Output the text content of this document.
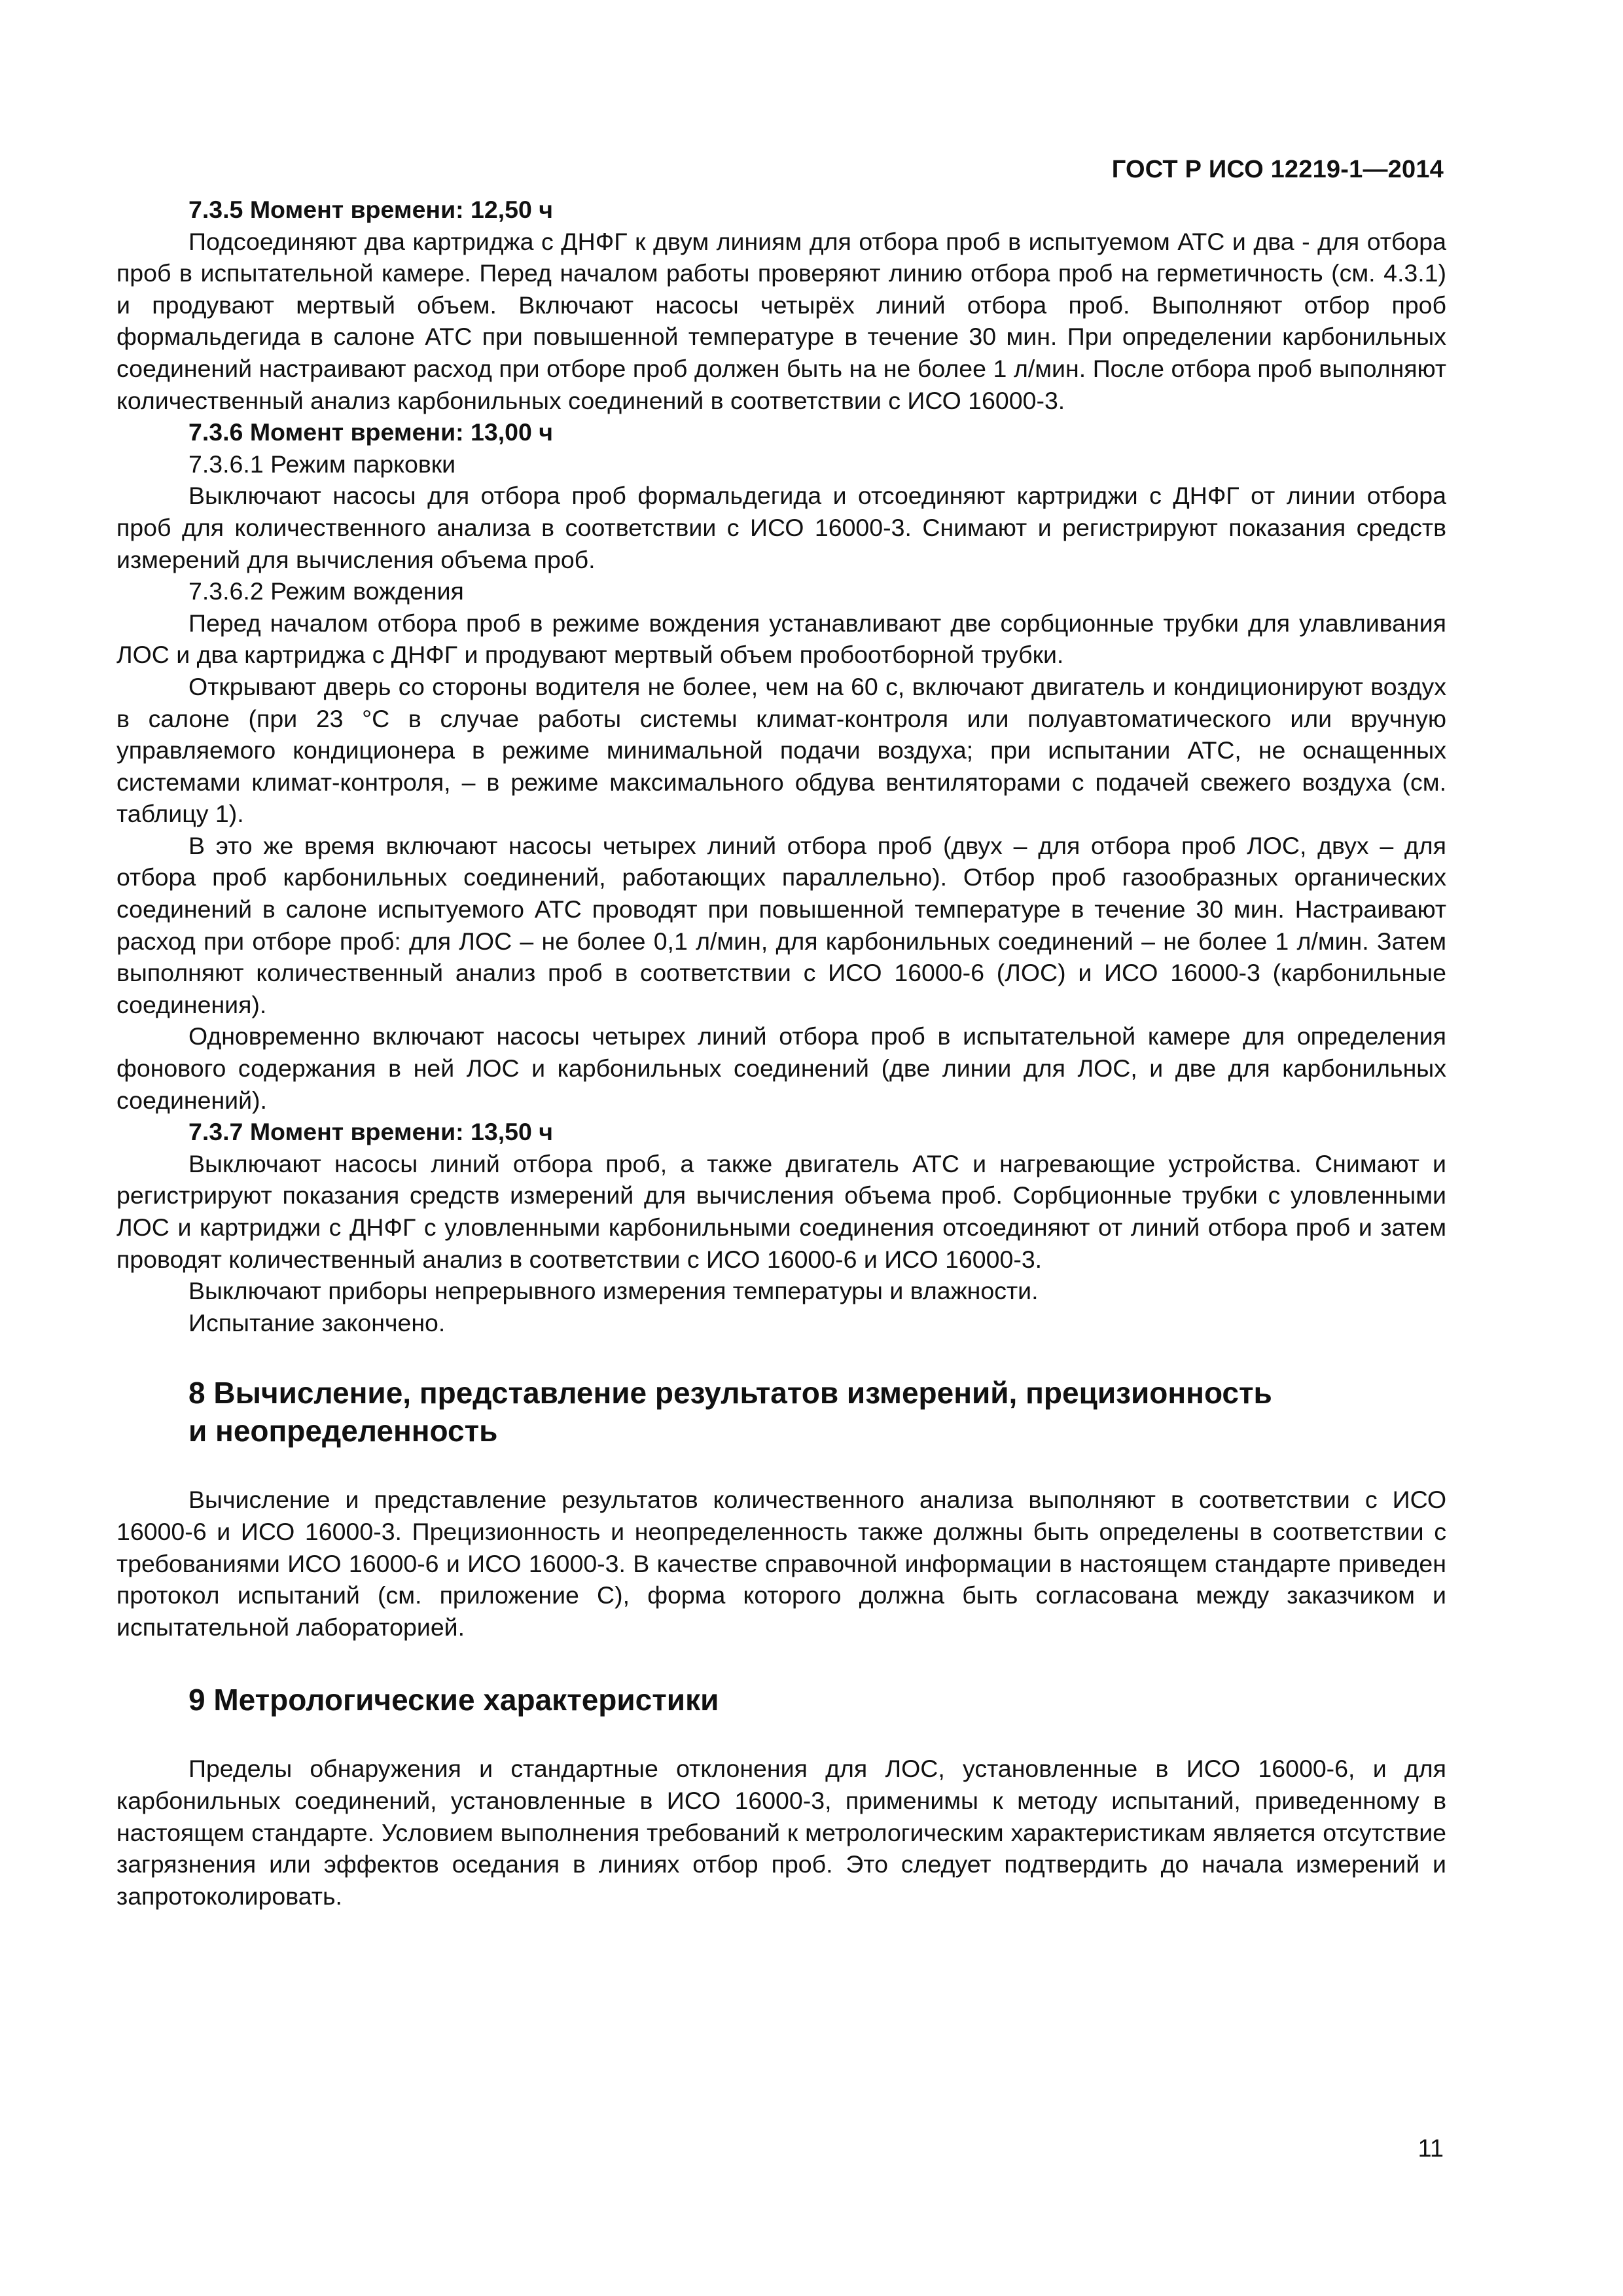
ГОСТ Р ИСО 12219-1—2014

7.3.5 Момент времени: 12,50 ч

Подсоединяют два картриджа с ДНФГ к двум линиям для отбора проб в испытуемом АТС и два - для отбора проб в испытательной камере. Перед началом работы проверяют линию отбора проб на герметичность (см. 4.3.1) и продувают мертвый объем. Включают насосы четырёх линий отбора проб. Выполняют отбор проб формальдегида в салоне АТС при повышенной температуре в течение 30 мин. При определении карбонильных соединений настраивают расход при отборе проб должен быть на не более 1 л/мин. После отбора проб выполняют количественный анализ карбонильных соединений в соответствии с ИСО 16000-3.

7.3.6 Момент времени: 13,00 ч

7.3.6.1 Режим парковки

Выключают насосы для отбора проб формальдегида и отсоединяют картриджи с ДНФГ от линии отбора проб для количественного анализа в соответствии с ИСО 16000-3. Снимают и регистрируют показания средств измерений для вычисления объема проб.

7.3.6.2 Режим вождения

Перед началом отбора проб в режиме вождения устанавливают две сорбционные трубки для улавливания ЛОС и два картриджа с ДНФГ и продувают мертвый объем пробоотборной трубки.

Открывают дверь со стороны водителя не более, чем на 60 с, включают двигатель и кондиционируют воздух в салоне (при 23 °С в случае работы системы климат-контроля или полуавтоматического или вручную управляемого кондиционера в режиме минимальной подачи воздуха; при испытании АТС, не оснащенных системами климат-контроля, – в режиме максимального обдува вентиляторами с подачей свежего воздуха (см. таблицу 1).

В это же время включают насосы четырех линий отбора проб (двух – для отбора проб ЛОС, двух – для отбора проб карбонильных соединений, работающих параллельно). Отбор проб газообразных органических соединений в салоне испытуемого АТС проводят при повышенной температуре в течение 30 мин. Настраивают расход при отборе проб: для ЛОС – не более 0,1 л/мин, для карбонильных соединений – не более 1 л/мин. Затем выполняют количественный анализ проб в соответствии с ИСО 16000-6 (ЛОС) и ИСО 16000-3 (карбонильные соединения).

Одновременно включают насосы четырех линий отбора проб в испытательной камере для определения фонового содержания в ней ЛОС и карбонильных соединений (две линии для ЛОС, и две для карбонильных соединений).

7.3.7 Момент времени: 13,50 ч

Выключают насосы линий отбора проб, а также двигатель АТС и нагревающие устройства. Снимают и регистрируют показания средств измерений для вычисления объема проб. Сорбционные трубки с уловленными ЛОС и картриджи с ДНФГ с уловленными карбонильными соединения отсоединяют от линий отбора проб и затем проводят количественный анализ в соответствии с ИСО 16000-6 и ИСО 16000-3.

Выключают приборы непрерывного измерения температуры и влажности.

Испытание закончено.

8 Вычисление, представление результатов измерений, прецизионность
и неопределенность

Вычисление и представление результатов количественного анализа выполняют в соответствии с ИСО 16000-6 и ИСО 16000-3. Прецизионность и неопределенность также должны быть определены в соответствии с требованиями ИСО 16000-6 и ИСО 16000-3. В качестве справочной информации в настоящем стандарте приведен протокол испытаний (см. приложение С), форма которого должна быть согласована между заказчиком и испытательной лабораторией.

9 Метрологические характеристики

Пределы обнаружения и стандартные отклонения для ЛОС, установленные в ИСО 16000-6, и для карбонильных соединений, установленные в ИСО 16000-3, применимы к методу испытаний, приведенному в настоящем стандарте. Условием выполнения требований к метрологическим характеристикам является отсутствие загрязнения или эффектов оседания в линиях отбор проб. Это следует подтвердить до начала измерений и запротоколировать.

11
